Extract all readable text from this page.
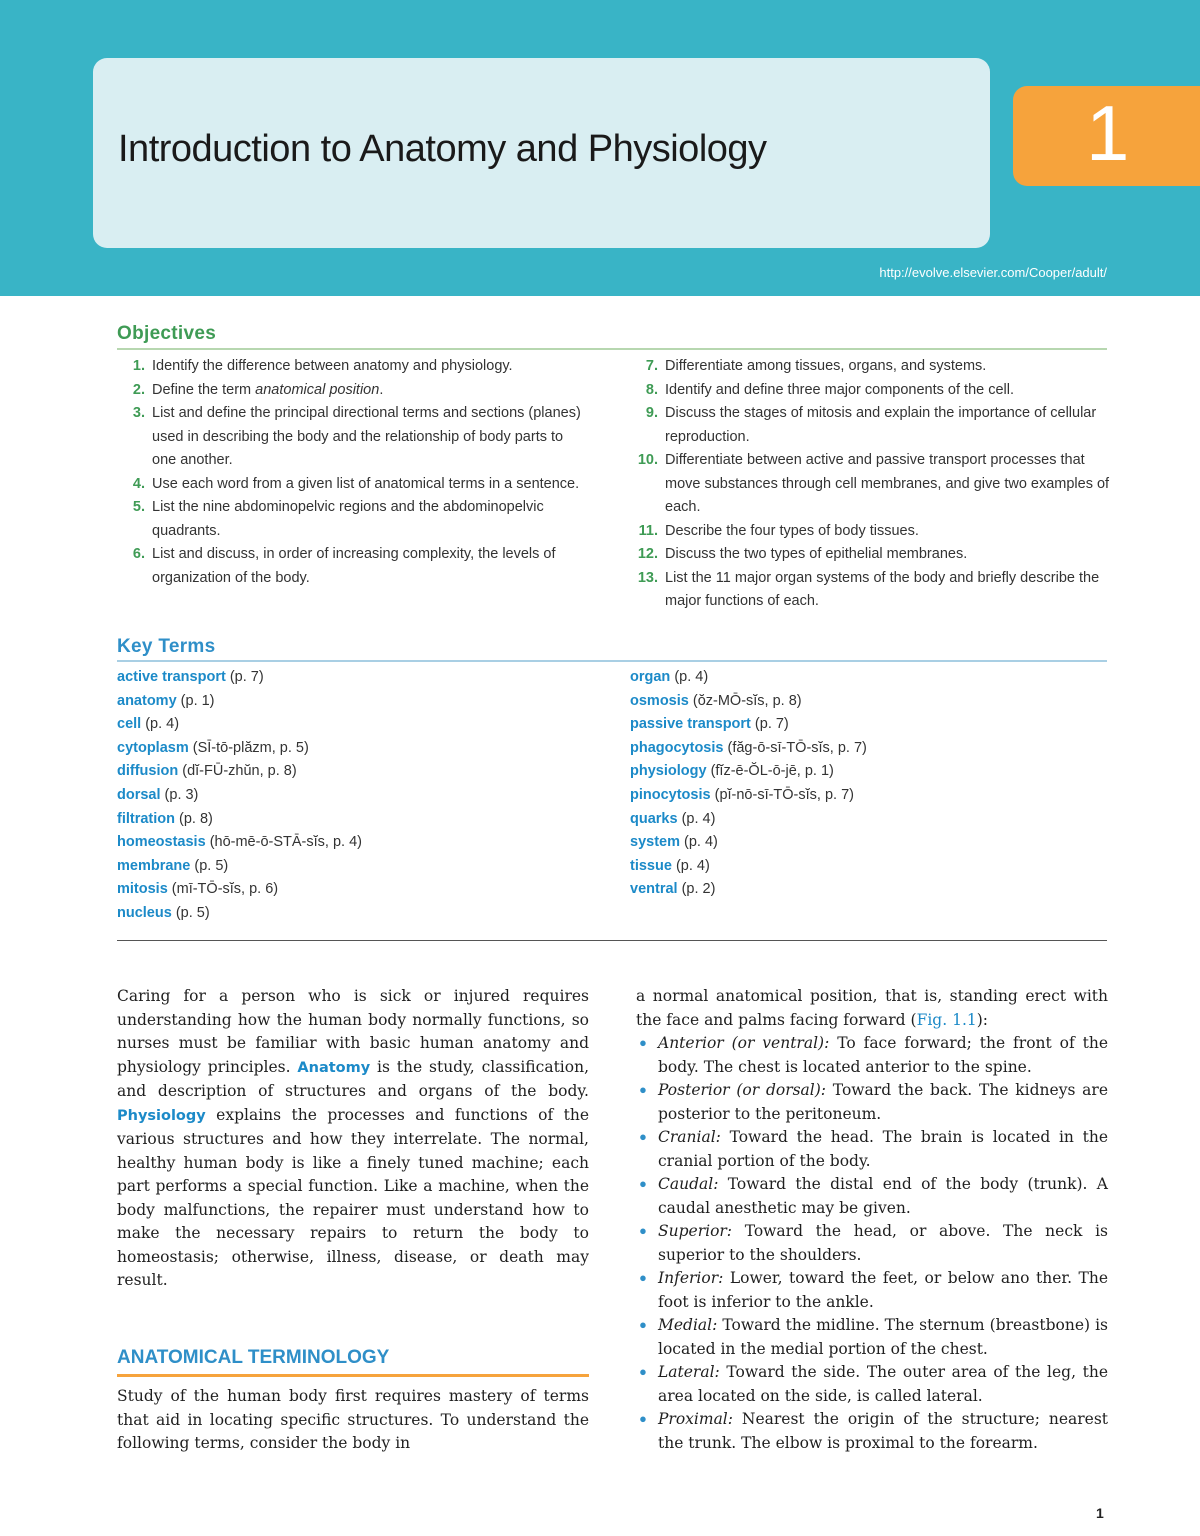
Introduction to Anatomy and Physiology	1
http://evolve.elsevier.com/Cooper/adult/
Objectives
1. Identify the difference between anatomy and physiology.
2. Define the term anatomical position.
3. List and define the principal directional terms and sections (planes) used in describing the body and the relationship of body parts to one another.
4. Use each word from a given list of anatomical terms in a sentence.
5. List the nine abdominopelvic regions and the abdominopelvic quadrants.
6. List and discuss, in order of increasing complexity, the levels of organization of the body.
7. Differentiate among tissues, organs, and systems.
8. Identify and define three major components of the cell.
9. Discuss the stages of mitosis and explain the importance of cellular reproduction.
10. Differentiate between active and passive transport processes that move substances through cell membranes, and give two examples of each.
11. Describe the four types of body tissues.
12. Discuss the two types of epithelial membranes.
13. List the 11 major organ systems of the body and briefly describe the major functions of each.
Key Terms
active transport (p. 7)
anatomy (p. 1)
cell (p. 4)
cytoplasm (SĪ-tō-plăzm, p. 5)
diffusion (dĭ-FŪ-zhŭn, p. 8)
dorsal (p. 3)
filtration (p. 8)
homeostasis (hō-mē-ō-STĀ-sĭs, p. 4)
membrane (p. 5)
mitosis (mī-TŌ-sĭs, p. 6)
nucleus (p. 5)
organ (p. 4)
osmosis (ŏz-MŌ-sĭs, p. 8)
passive transport (p. 7)
phagocytosis (făg-ō-sī-TŌ-sĭs, p. 7)
physiology (fĭz-ē-ŎL-ō-jē, p. 1)
pinocytosis (pĭ-nō-sī-TŌ-sĭs, p. 7)
quarks (p. 4)
system (p. 4)
tissue (p. 4)
ventral (p. 2)
Caring for a person who is sick or injured requires understanding how the human body normally functions, so nurses must be familiar with basic human anatomy and physiology principles. Anatomy is the study, classification, and description of structures and organs of the body. Physiology explains the processes and functions of the various structures and how they interrelate. The normal, healthy human body is like a finely tuned machine; each part performs a special function. Like a machine, when the body malfunctions, the repairer must understand how to make the necessary repairs to return the body to homeostasis; otherwise, illness, disease, or death may result.
ANATOMICAL TERMINOLOGY
Study of the human body first requires mastery of terms that aid in locating specific structures. To understand the following terms, consider the body in
a normal anatomical position, that is, standing erect with the face and palms facing forward (Fig. 1.1):
• Anterior (or ventral): To face forward; the front of the body. The chest is located anterior to the spine.
• Posterior (or dorsal): Toward the back. The kidneys are posterior to the peritoneum.
• Cranial: Toward the head. The brain is located in the cranial portion of the body.
• Caudal: Toward the distal end of the body (trunk). A caudal anesthetic may be given.
• Superior: Toward the head, or above. The neck is superior to the shoulders.
• Inferior: Lower, toward the feet, or below ano ther. The foot is inferior to the ankle.
• Medial: Toward the midline. The sternum (breastbone) is located in the medial portion of the chest.
• Lateral: Toward the side. The outer area of the leg, the area located on the side, is called lateral.
• Proximal: Nearest the origin of the structure; nearest the trunk. The elbow is proximal to the forearm.
1
